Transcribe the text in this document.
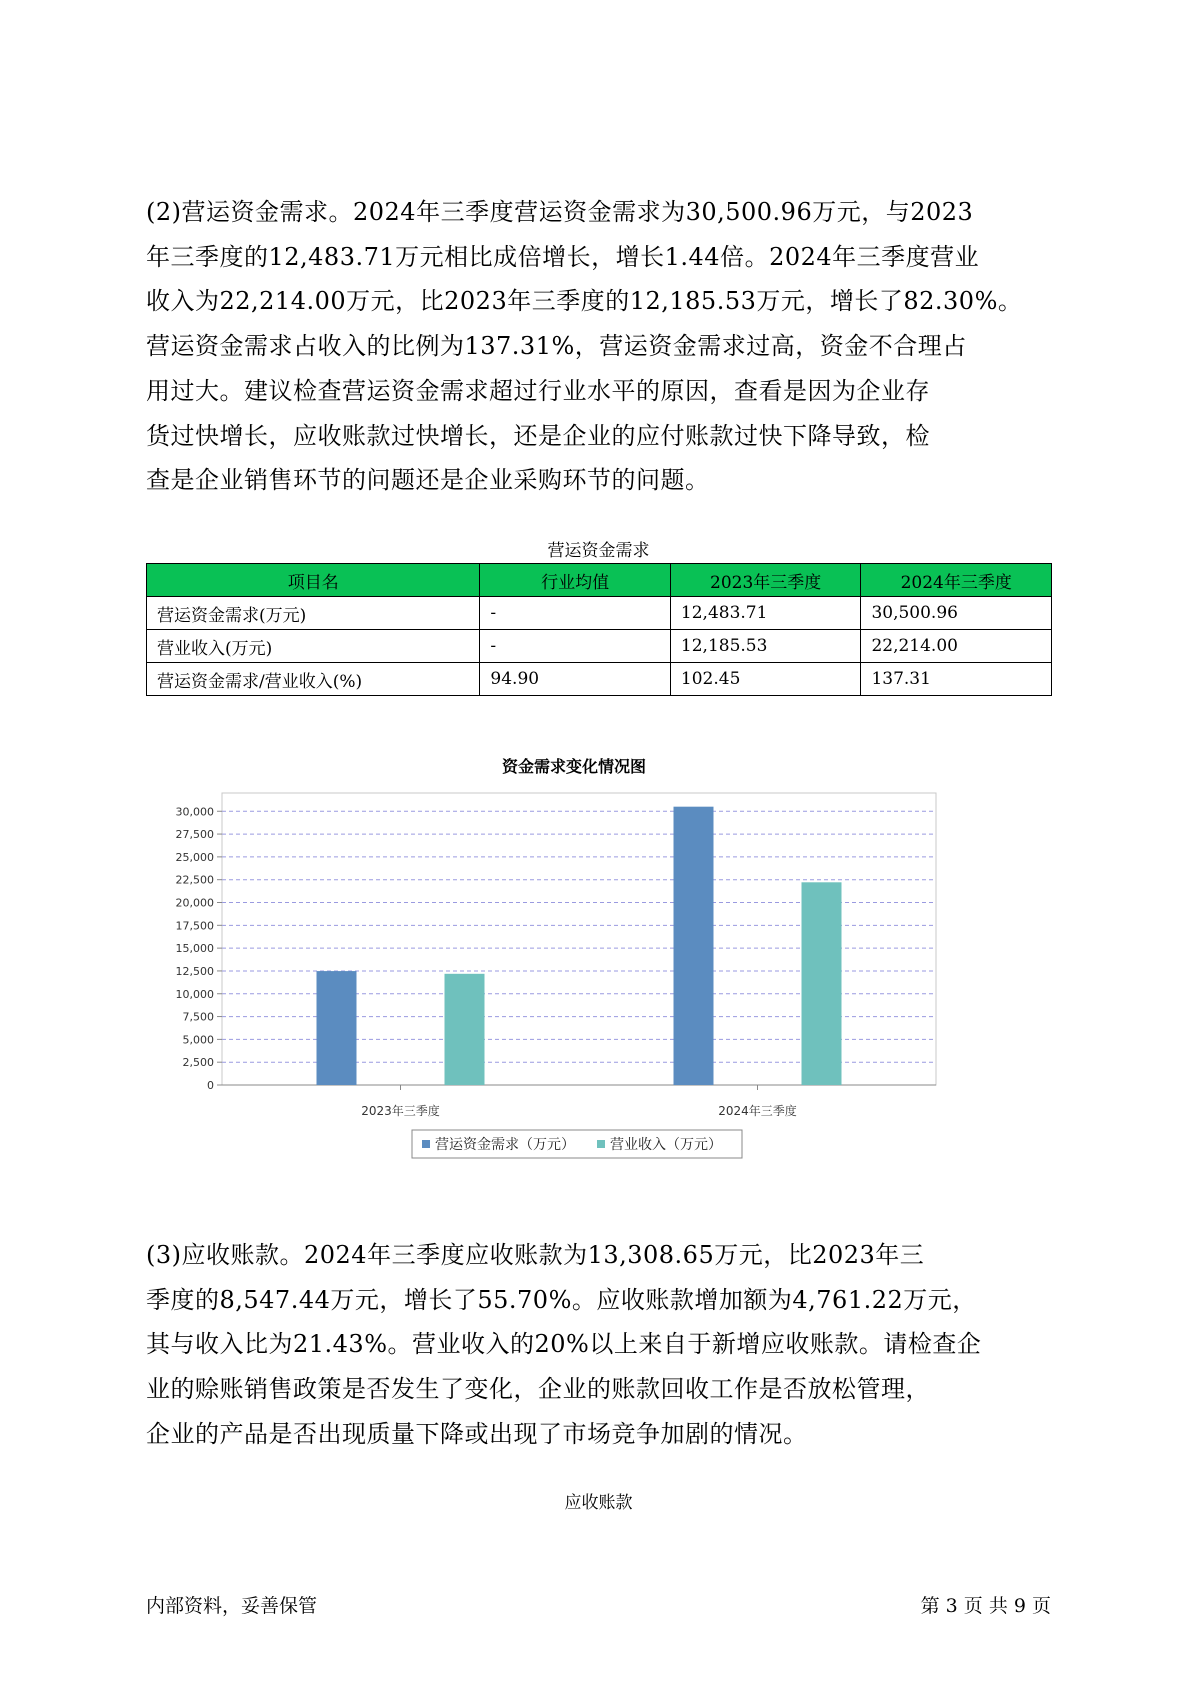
(2)营运资金需求。2024年三季度营运资金需求为30,500.96万元，与2023
年三季度的12,483.71万元相比成倍增长，增长1.44倍。2024年三季度营业
收入为22,214.00万元，比2023年三季度的12,185.53万元，增长了82.30%。
营运资金需求占收入的比例为137.31%，营运资金需求过高，资金不合理占
用过大。建议检查营运资金需求超过行业水平的原因，查看是因为企业存
货过快增长，应收账款过快增长，还是企业的应付账款过快下降导致，检
查是企业销售环节的问题还是企业采购环节的问题。

营运资金需求
项目名	行业均值	2023年三季度	2024年三季度
营运资金需求(万元)	-	12,483.71	30,500.96
营业收入(万元)	-	12,185.53	22,214.00
营运资金需求/营业收入(%)	94.90	102.45	137.31
资金需求变化情况图
0
2,500
5,000
7,500
10,000
12,500
15,000
17,500
20,000
22,500
25,000
27,500
30,000
2023年三季度	2024年三季度
营运资金需求（万元）	营业收入（万元）

(3)应收账款。2024年三季度应收账款为13,308.65万元，比2023年三
季度的8,547.44万元，增长了55.70%。应收账款增加额为4,761.22万元，
其与收入比为21.43%。营业收入的20%以上来自于新增应收账款。请检查企
业的赊账销售政策是否发生了变化，企业的账款回收工作是否放松管理，
企业的产品是否出现质量下降或出现了市场竞争加剧的情况。

应收账款
内部资料，妥善保管	第 3 页 共 9 页
